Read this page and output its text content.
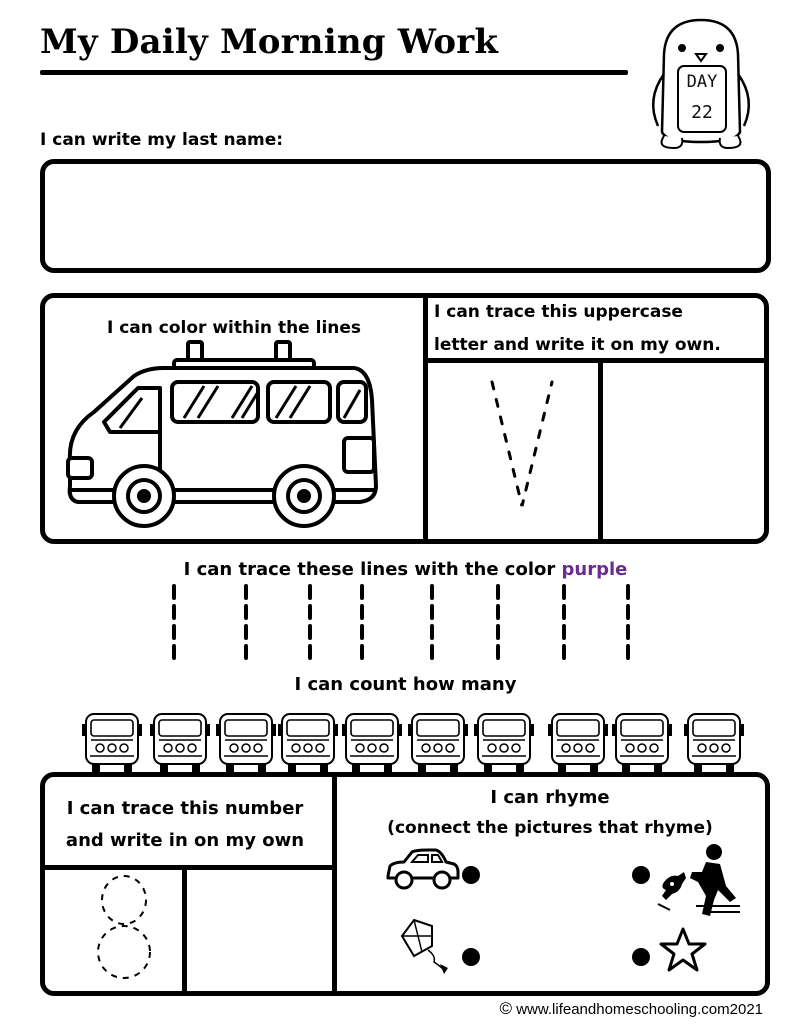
My Daily Morning Work
DAY
22
I can write my last name:
I can color within the lines
I can trace this uppercase
letter and write it on my own.
I can trace these lines with the color purple
I can count how many
I can trace this number
and write in on my own
I can rhyme
(connect the pictures that rhyme)
© www.lifeandhomeschooling.com2021
